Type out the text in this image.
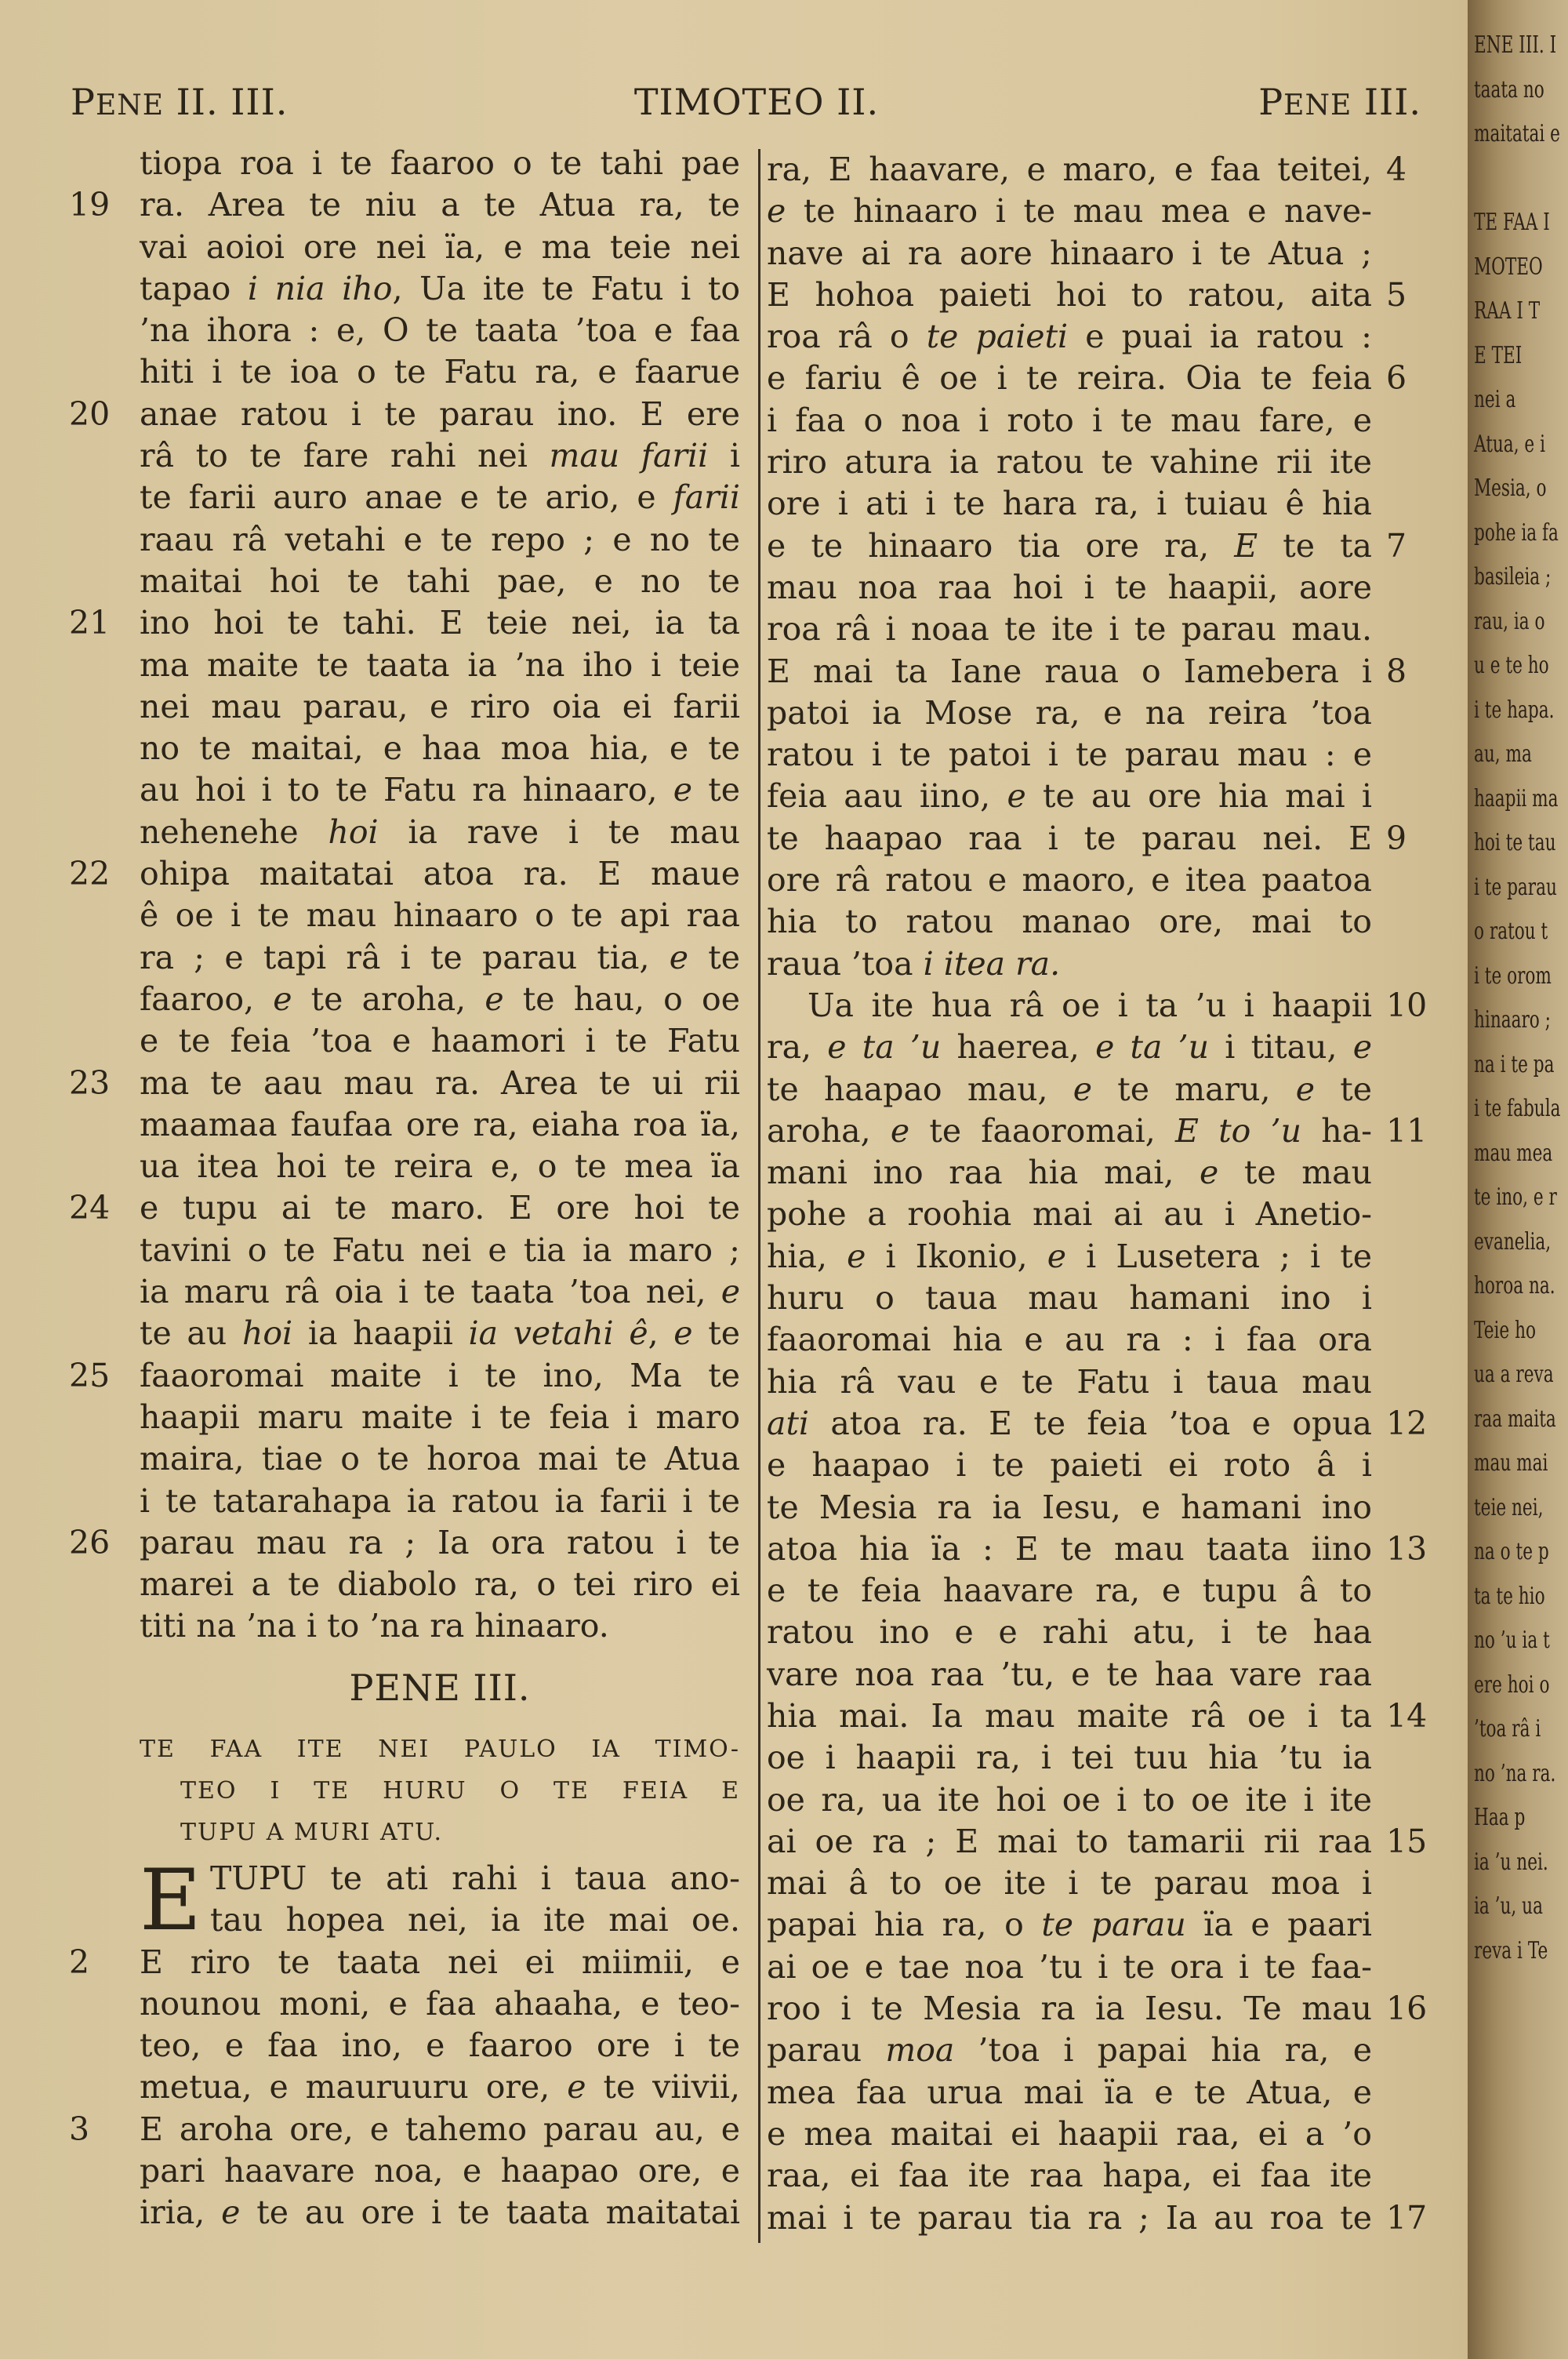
PENE II. III.	TIMOTEO II.	PENE III.
tiopa roa i te faaroo o te tahi pae
ra. Area te niu a te Atua ra, te
19
vai aoioi ore nei ïa, e ma teie nei
tapao i nia iho, Ua ite te Fatu i to
’na ihora : e, O te taata ’toa e faa
hiti i te ioa o te Fatu ra, e faarue
anae ratou i te parau ino. E ere
20
râ to te fare rahi nei mau farii i
te farii auro anae e te ario, e farii
raau râ vetahi e te repo ; e no te
maitai hoi te tahi pae, e no te
ino hoi te tahi. E teie nei, ia ta
21
ma maite te taata ia ’na iho i teie
nei mau parau, e riro oia ei farii
no te maitai, e haa moa hia, e te
au hoi i to te Fatu ra hinaaro, e te
nehenehe hoi ia rave i te mau
ohipa maitatai atoa ra. E maue
22
ê oe i te mau hinaaro o te api raa
ra ; e tapi râ i te parau tia, e te
faaroo, e te aroha, e te hau, o oe
e te feia ’toa e haamori i te Fatu
ma te aau mau ra. Area te ui rii
23
maamaa faufaa ore ra, eiaha roa ïa,
ua itea hoi te reira e, o te mea ïa
e tupu ai te maro. E ore hoi te
24
tavini o te Fatu nei e tia ia maro ;
ia maru râ oia i te taata ’toa nei, e
te au hoi ia haapii ia vetahi ê, e te
faaoromai maite i te ino, Ma te
25
haapii maru maite i te feia i maro
maira, tiae o te horoa mai te Atua
i te tatarahapa ia ratou ia farii i te
parau mau ra ; Ia ora ratou i te
26
marei a te diabolo ra, o tei riro ei
titi na ’na i to ’na ra hinaaro.
ra, E haavare, e maro, e faa teitei, 4
e te hinaaro i te mau mea e nave-
nave ai ra aore hinaaro i te Atua ;
E hohoa paieti hoi to ratou, aita 5
roa râ o te paieti e puai ia ratou :
e fariu ê oe i te reira. Oia te feia 6
i faa o noa i roto i te mau fare, e
riro atura ia ratou te vahine rii ite
ore i ati i te hara ra, i tuiau ê hia
e te hinaaro tia ore ra, E te ta 7
mau noa raa hoi i te haapii, aore
roa râ i noaa te ite i te parau mau.
E mai ta Iane raua o Iamebera i 8
patoi ia Mose ra, e na reira ’toa
ratou i te patoi i te parau mau : e
feia aau iino, e te au ore hia mai i
te haapao raa i te parau nei. E 9
ore râ ratou e maoro, e itea paatoa
hia to ratou manao ore, mai to
raua ’toa i itea ra.
Ua ite hua râ oe i ta ’u i haapii 10
ra, e ta ’u haerea, e ta ’u i titau, e
te haapao mau, e te maru, e te
aroha, e te faaoromai, E to ’u ha- 11
mani ino raa hia mai, e te mau
pohe a roohia mai ai au i Anetio-
hia, e i Ikonio, e i Lusetera ; i te
huru o taua mau hamani ino i
faaoromai hia e au ra : i faa ora
hia râ vau e te Fatu i taua mau
ati atoa ra. E te feia ’toa e opua 12
e haapao i te paieti ei roto â i
te Mesia ra ia Iesu, e hamani ino
atoa hia ïa : E te mau taata iino 13
e te feia haavare ra, e tupu â to
ratou ino e e rahi atu, i te haa
vare noa raa ’tu, e te haa vare raa
hia mai. Ia mau maite râ oe i ta 14
oe i haapii ra, i tei tuu hia ’tu ia
oe ra, ua ite hoi oe i to oe ite i ite
ai oe ra ; E mai to tamarii rii raa 15
mai â to oe ite i te parau moa i
papai hia ra, o te parau ïa e paari
ai oe e tae noa ’tu i te ora i te faa-
roo i te Mesia ra ia Iesu. Te mau 16
parau moa ’toa i papai hia ra, e
mea faa urua mai ïa e te Atua, e
e mea maitai ei haapii raa, ei a ’o
raa, ei faa ite raa hapa, ei faa ite
mai i te parau tia ra ; Ia au roa te 17
PENE III.
TE FAA ITE NEI PAULO IA TIMO-
TEO I TE HURU O TE FEIA E
TUPU A MURI ATU.
E TUPU te ati rahi i taua ano-
tau hopea nei, ia ite mai oe.
E riro te taata nei ei miimii, e
2
nounou moni, e faa ahaaha, e teo-
teo, e faa ino, e faaroo ore i te
metua, e mauruuru ore, e te viivii,
E aroha ore, e tahemo parau au, e
3
pari haavare noa, e haapao ore, e
iria, e te au ore i te taata maitatai
ENE III. I
taata no
maitatai e

TE FAA I
MOTEO
RAA I T
E TEI
nei a
Atua, e i
Mesia, o
pohe ia fa
basileia ;
rau, ia o
u e te ho
i te hapa.
au, ma
haapii ma
hoi te tau
i te parau
o ratou t
i te orom
hinaaro ;
na i te pa
i te fabula
mau mea
te ino, e r
evanelia,
horoa na.
Teie ho
ua a reva
raa maita
mau mai
teie nei,
na o te p
ta te hio
no ’u ia t
ere hoi o
’toa râ i
no ’na ra.
Haa p
ia ’u nei.
ia ’u, ua
reva i Te
